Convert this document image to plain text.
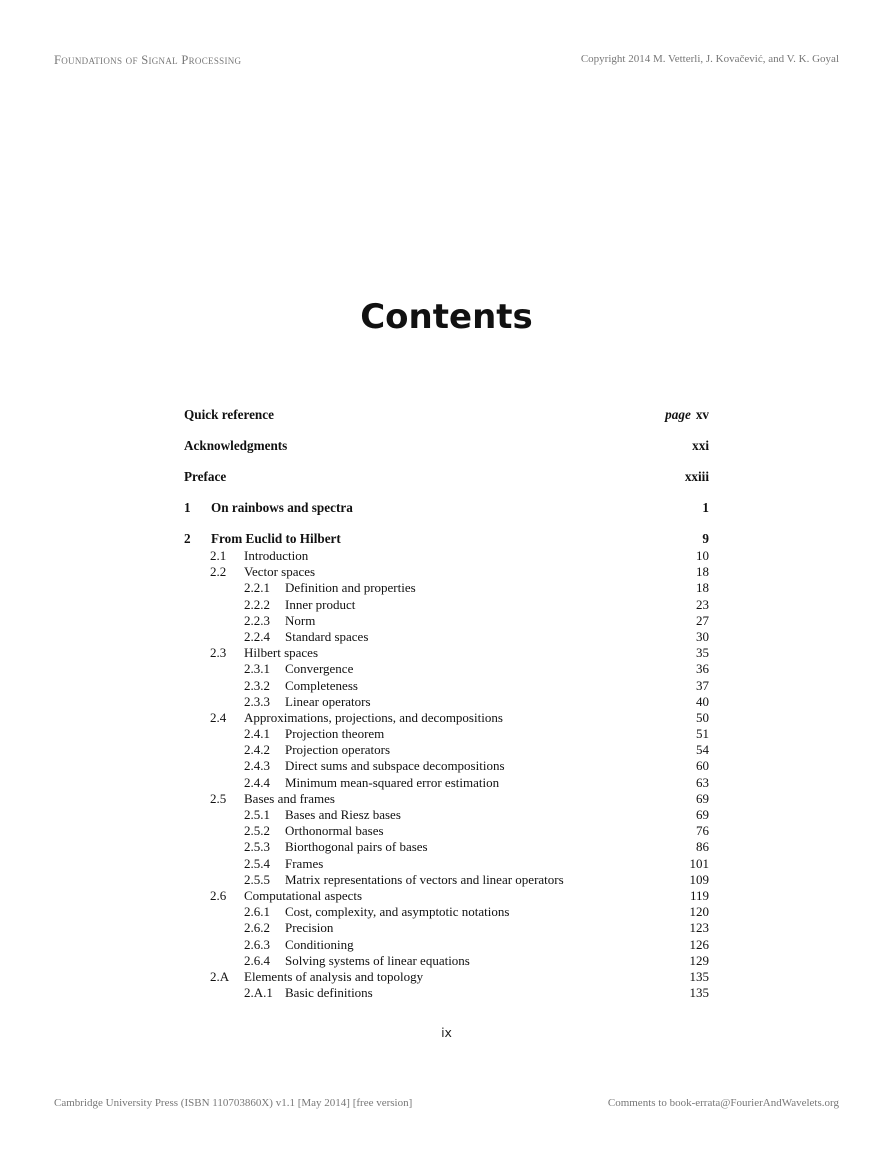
Foundations of Signal Processing	Copyright 2014 M. Vetterli, J. Kovačević, and V. K. Goyal
Contents
Quick reference	page xv
Acknowledgments	xxi
Preface	xxiii
1 On rainbows and spectra	1
2 From Euclid to Hilbert	9
2.1 Introduction	10
2.2 Vector spaces	18
2.2.1 Definition and properties	18
2.2.2 Inner product	23
2.2.3 Norm	27
2.2.4 Standard spaces	30
2.3 Hilbert spaces	35
2.3.1 Convergence	36
2.3.2 Completeness	37
2.3.3 Linear operators	40
2.4 Approximations, projections, and decompositions	50
2.4.1 Projection theorem	51
2.4.2 Projection operators	54
2.4.3 Direct sums and subspace decompositions	60
2.4.4 Minimum mean-squared error estimation	63
2.5 Bases and frames	69
2.5.1 Bases and Riesz bases	69
2.5.2 Orthonormal bases	76
2.5.3 Biorthogonal pairs of bases	86
2.5.4 Frames	101
2.5.5 Matrix representations of vectors and linear operators	109
2.6 Computational aspects	119
2.6.1 Cost, complexity, and asymptotic notations	120
2.6.2 Precision	123
2.6.3 Conditioning	126
2.6.4 Solving systems of linear equations	129
2.A Elements of analysis and topology	135
2.A.1 Basic definitions	135
ix
Cambridge University Press (ISBN 110703860X) v1.1 [May 2014] [free version]	Comments to book-errata@FourierAndWavelets.org
